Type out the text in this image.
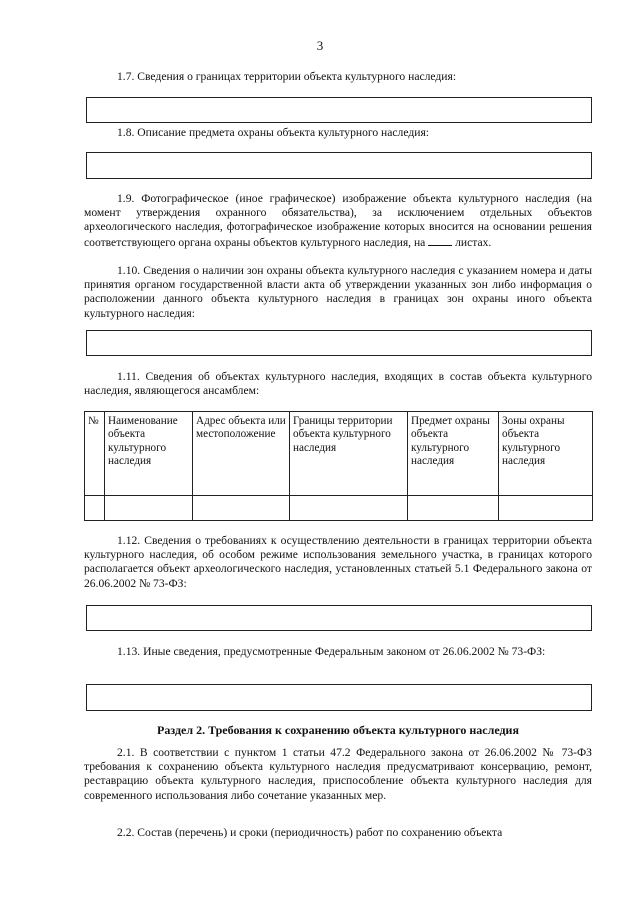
3
1.7. Сведения о границах территории объекта культурного наследия:
1.8. Описание предмета охраны объекта культурного наследия:
1.9. Фотографическое (иное графическое) изображение объекта культурного наследия (на момент утверждения охранного обязательства), за исключением отдельных объектов археологического наследия, фотографическое изображение которых вносится на основании решения соответствующего органа охраны объектов культурного наследия, на  листах.
1.10. Сведения о наличии зон охраны объекта культурного наследия с указанием номера и даты принятия органом государственной власти акта об утверждении указанных зон либо информация о расположении данного объекта культурного наследия в границах зон охраны иного объекта культурного наследия:
1.11. Сведения об объектах культурного наследия, входящих в состав объекта культурного наследия, являющегося ансамблем:
№	Наименование объекта культурного наследия	Адрес объекта или местоположение	Границы территории объекта культурного наследия	Предмет охраны объекта культурного наследия	Зоны охраны объекта культурного наследия

1.12. Сведения о требованиях к осуществлению деятельности в границах территории объекта культурного наследия, об особом режиме использования земельного участка, в границах которого располагается объект археологического наследия, установленных статьей 5.1 Федерального закона от 26.06.2002 № 73-ФЗ:
1.13. Иные сведения, предусмотренные Федеральным законом от 26.06.2002 № 73-ФЗ:
Раздел 2. Требования к сохранению объекта культурного наследия
2.1. В соответствии с пунктом 1 статьи 47.2 Федерального закона от 26.06.2002 № 73-ФЗ требования к сохранению объекта культурного наследия предусматривают консервацию, ремонт, реставрацию объекта культурного наследия, приспособление объекта культурного наследия для современного использования либо сочетание указанных мер.
2.2. Состав (перечень) и сроки (периодичность) работ по сохранению объекта
